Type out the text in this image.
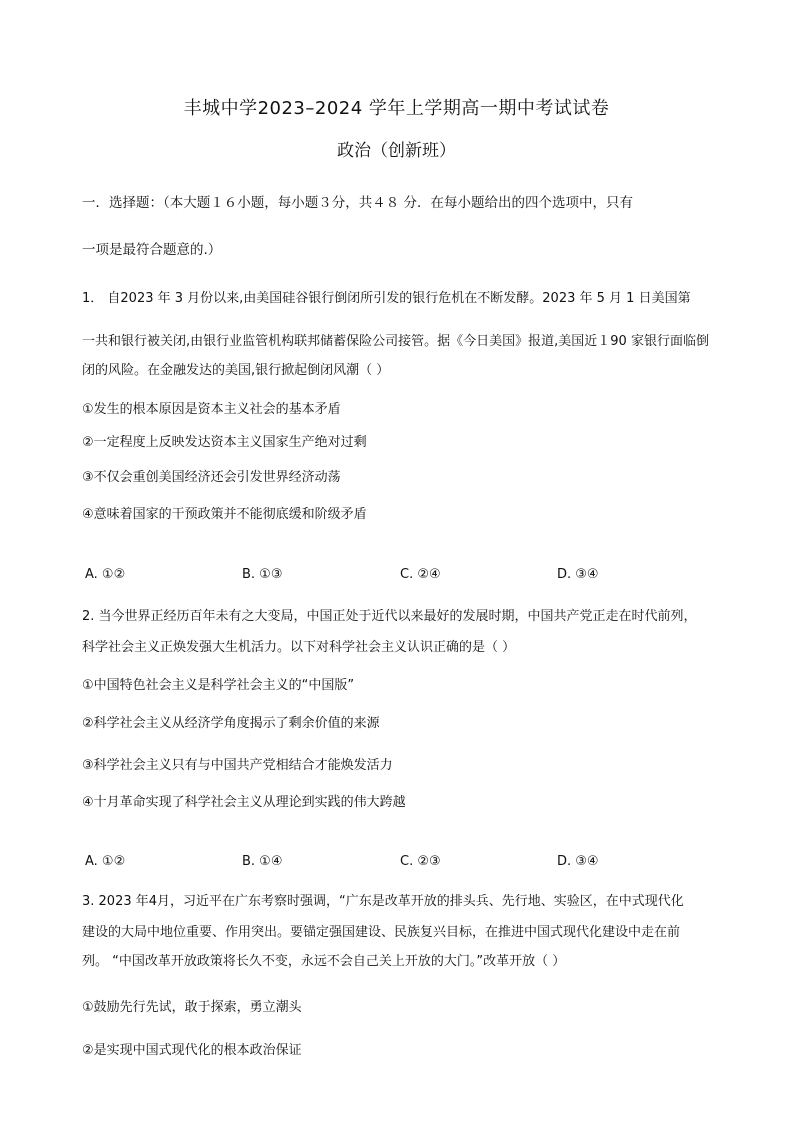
丰城中学2023–2024 学年上学期高一期中考试试卷
政治（创新班）
一．选择题：（本大题１６小题，每小题３分，共４８ 分．在每小题给出的四个选项中，只有
一项是最符合题意的.）
1． 自2023 年 3 月份以来,由美国硅谷银行倒闭所引发的银行危机在不断发酵。2023 年 5 月 1 日美国第
一共和银行被关闭,由银行业监管机构联邦储蓄保险公司接管。据《今日美国》报道,美国近１90 家银行面临倒
闭的风险。在金融发达的美国,银行掀起倒闭风潮（ ）
①发生的根本原因是资本主义社会的基本矛盾
②一定程度上反映发达资本主义国家生产绝对过剩
③不仅会重创美国经济还会引发世界经济动荡
④意味着国家的干预政策并不能彻底缓和阶级矛盾
A. ①②	B. ①③	C. ②④	D. ③④
2. 当今世界正经历百年未有之大变局，中国正处于近代以来最好的发展时期，中国共产党正走在时代前列，
科学社会主义正焕发强大生机活力。以下对科学社会主义认识正确的是（ ）
①中国特色社会主义是科学社会主义的“中国版”
②科学社会主义从经济学角度揭示了剩余价值的来源
③科学社会主义只有与中国共产党相结合才能焕发活力
④十月革命实现了科学社会主义从理论到实践的伟大跨越
A. ①②	B. ①④	C. ②③	D. ③④
3. 2023 年4月，习近平在广东考察时强调，“广东是改革开放的排头兵、先行地、实验区，在中式现代化
建设的大局中地位重要、作用突出。要锚定强国建设、民族复兴目标，在推进中国式现代化建设中走在前
列。 “中国改革开放政策将长久不变，永远不会自己关上开放的大门。”改革开放（ ）
①鼓励先行先试，敢于探索，勇立潮头
②是实现中国式现代化的根本政治保证
